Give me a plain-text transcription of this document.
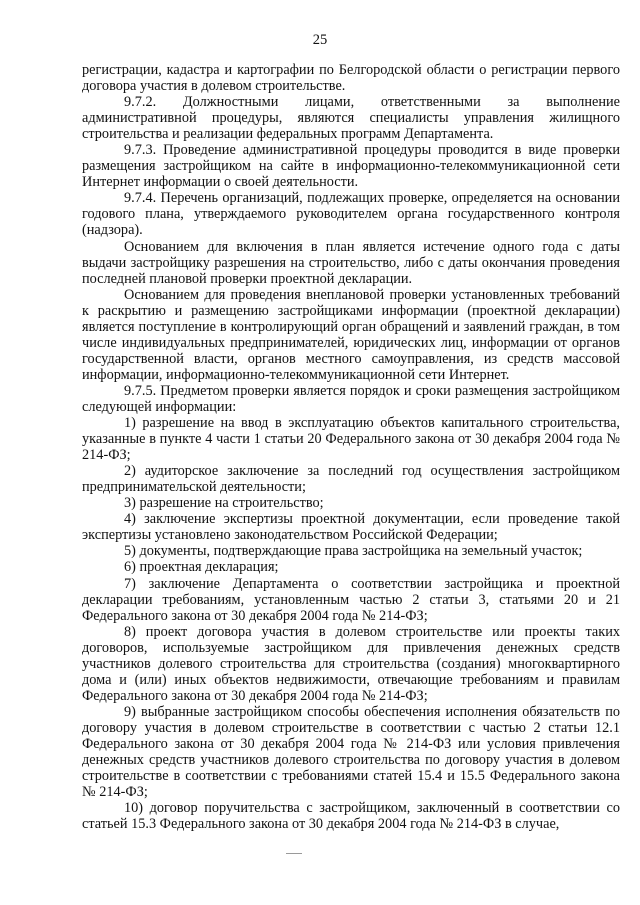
25

регистрации, кадастра и картографии по Белгородской области о регистрации первого договора участия в долевом строительстве.

9.7.2. Должностными лицами, ответственными за выполнение административной процедуры, являются специалисты управления жилищного строительства и реализации федеральных программ Департамента.

9.7.3. Проведение административной процедуры проводится в виде проверки размещения застройщиком на сайте в информационно-телекоммуникационной сети Интернет информации о своей деятельности.

9.7.4. Перечень организаций, подлежащих проверке, определяется на основании годового плана, утверждаемого руководителем органа государственного контроля (надзора).

Основанием для включения в план является истечение одного года с даты выдачи застройщику разрешения на строительство, либо с даты окончания проведения последней плановой проверки проектной декларации.

Основанием для проведения внеплановой проверки установленных требований к раскрытию и размещению застройщиками информации (проектной декларации) является поступление в контролирующий орган обращений и заявлений граждан, в том числе индивидуальных предпринимателей, юридических лиц, информации от органов государственной власти, органов местного самоуправления, из средств массовой информации, информационно-телекоммуникационной сети Интернет.

9.7.5. Предметом проверки является порядок и сроки размещения застройщиком следующей информации:

1) разрешение на ввод в эксплуатацию объектов капитального строительства, указанные в пункте 4 части 1 статьи 20 Федерального закона от 30 декабря 2004 года № 214-ФЗ;

2) аудиторское заключение за последний год осуществления застройщиком предпринимательской деятельности;

3) разрешение на строительство;

4) заключение экспертизы проектной документации, если проведение такой экспертизы установлено законодательством Российской Федерации;

5) документы, подтверждающие права застройщика на земельный участок;

6) проектная декларация;

7) заключение Департамента о соответствии застройщика и проектной декларации требованиям, установленным частью 2 статьи 3, статьями 20 и 21 Федерального закона от 30 декабря 2004 года № 214-ФЗ;

8) проект договора участия в долевом строительстве или проекты таких договоров, используемые застройщиком для привлечения денежных средств участников долевого строительства для строительства (создания) многоквартирного дома и (или) иных объектов недвижимости, отвечающие требованиям и правилам Федерального закона от 30 декабря 2004 года № 214-ФЗ;

9) выбранные застройщиком способы обеспечения исполнения обязательств по договору участия в долевом строительстве в соответствии с частью 2 статьи 12.1 Федерального закона от 30 декабря 2004 года № 214-ФЗ или условия привлечения денежных средств участников долевого строительства по договору участия в долевом строительстве в соответствии с требованиями статей 15.4 и 15.5 Федерального закона № 214-ФЗ;

10) договор поручительства с застройщиком, заключенный в соответствии со статьей 15.3 Федерального закона от 30 декабря 2004 года № 214-ФЗ в случае,
